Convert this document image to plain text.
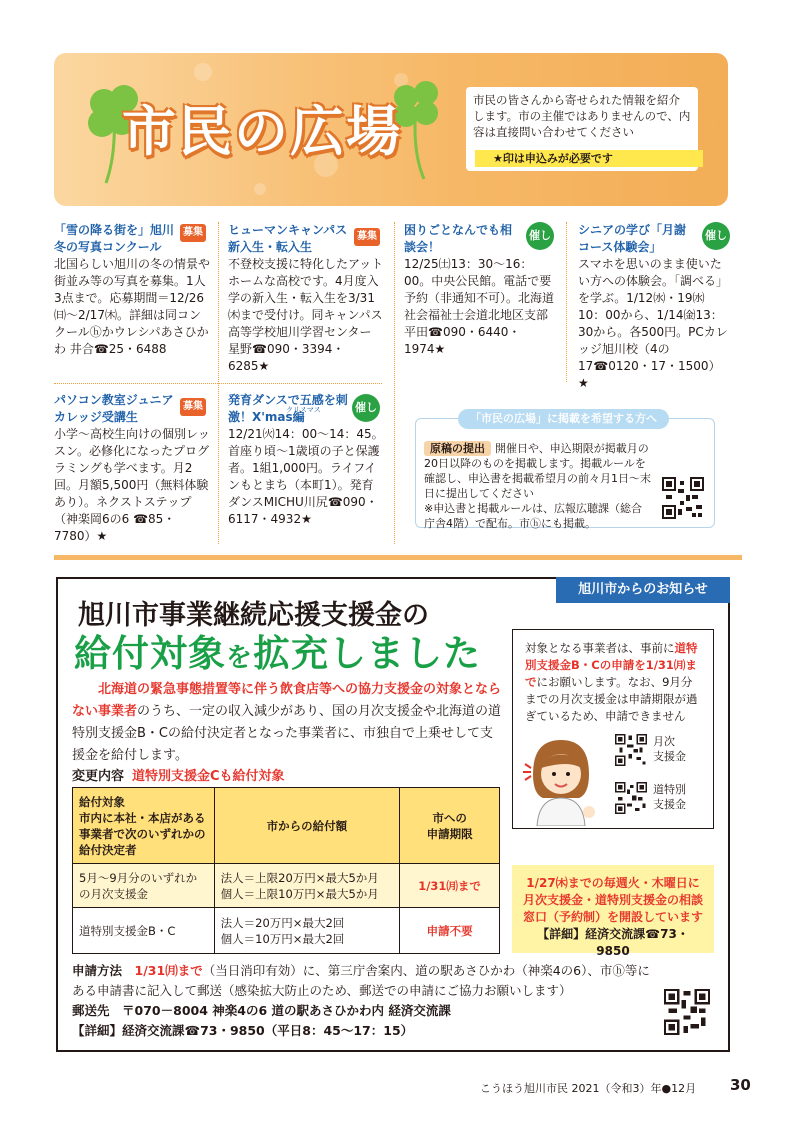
市民の広場	市民の皆さんから寄せられた情報を紹介します。市の主催ではありませんので、内容は直接問い合わせてください
★印は申込みが必要です
募集
「雪の降る街を」旭川冬の写真コンクール
北国らしい旭川の冬の情景や街並み等の写真を募集。1人3点まで。応募期間＝12/26㈰～2/17㈭。詳細は同コンクールⓗかウレシパあさひかわ 井合☎25・6488
募集
ヒューマンキャンパス新入生・転入生
不登校支援に特化したアットホームな高校です。4月度入学の新入生・転入生を3/31㈭まで受付け。同キャンパス高等学校旭川学習センター 星野☎090・3394・6285★
催し
困りごとなんでも相談会！
12/25㈯13：30～16：00。中央公民館。電話で要予約（非通知不可）。北海道社会福祉士会道北地区支部 平田☎090・6440・1974★
催し
シニアの学び「月謝コース体験会」
スマホを思いのまま使いたい方への体験会。「調べる」を学ぶ。1/12㈬・19㈬10：00から、1/14㈮13：30から。各500円。PCカレッジ旭川校（4の17☎0120・17・1500）★
募集
パソコン教室ジュニアカレッジ受講生
小学～高校生向けの個別レッスン。必修化になったプログラミングも学べます。月2回。月額5,500円（無料体験あり）。ネクストステップ（神楽岡6の6 ☎85・7780）★
催し
クリスマス
発育ダンスで五感を刺激！X'mas編
12/21㈫14：00～14：45。首座り頃～1歳頃の子と保護者。1組1,000円。ライフインもとまち（本町1）。発育ダンスMICHU川尻☎090・6117・4932★
「市民の広場」に掲載を希望する方へ
原稿の提出 開催日や、申込期限が掲載月の20日以降のものを掲載します。掲載ルールを確認し、申込書を掲載希望月の前々月1日～末日に提出してください
※申込書と掲載ルールは、広報広聴課（総合庁舎4階）で配布。市ⓗにも掲載。
旭川市からのお知らせ
旭川市事業継続応援支援金の
給付対象を拡充しました
北海道の緊急事態措置等に伴う飲食店等への協力支援金の対象とならない事業者のうち、一定の収入減少があり、国の月次支援金や北海道の道特別支援金B・Cの給付決定者となった事業者に、市独自で上乗せして支援金を給付します。
変更内容 道特別支援金Cも給付対象
給付対象
市内に本社・本店がある事業者で次のいずれかの給付決定者	市からの給付額	市への
申請期限
5月～9月分のいずれかの月次支援金	法人＝上限20万円×最大5か月
個人＝上限10万円×最大5か月	1/31㈪まで
道特別支援金B・C	法人＝20万円×最大2回
個人＝10万円×最大2回	申請不要
対象となる事業者は、事前に道特別支援金B・Cの申請を1/31㈪までにお願いします。なお、9月分までの月次支援金は申請期限が過ぎているため、申請できません
月次
支援金
道特別
支援金
1/27㈭までの毎週火・木曜日に月次支援金・道特別支援金の相談窓口（予約制）を開設しています
【詳細】経済交流課☎73・9850
申請方法　 1/31㈪まで（当日消印有効）に、第三庁舎案内、道の駅あさひかわ（神楽4の6）、市ⓗ等にある申請書に記入して郵送（感染拡大防止のため、郵送での申請にご協力お願いします）
郵送先　 〒070－8004 神楽4の6 道の駅あさひかわ内 経済交流課
【詳細】経済交流課☎73・9850（平日8：45～17：15）
こうほう旭川市民 2021（令和3）年●12月 30
